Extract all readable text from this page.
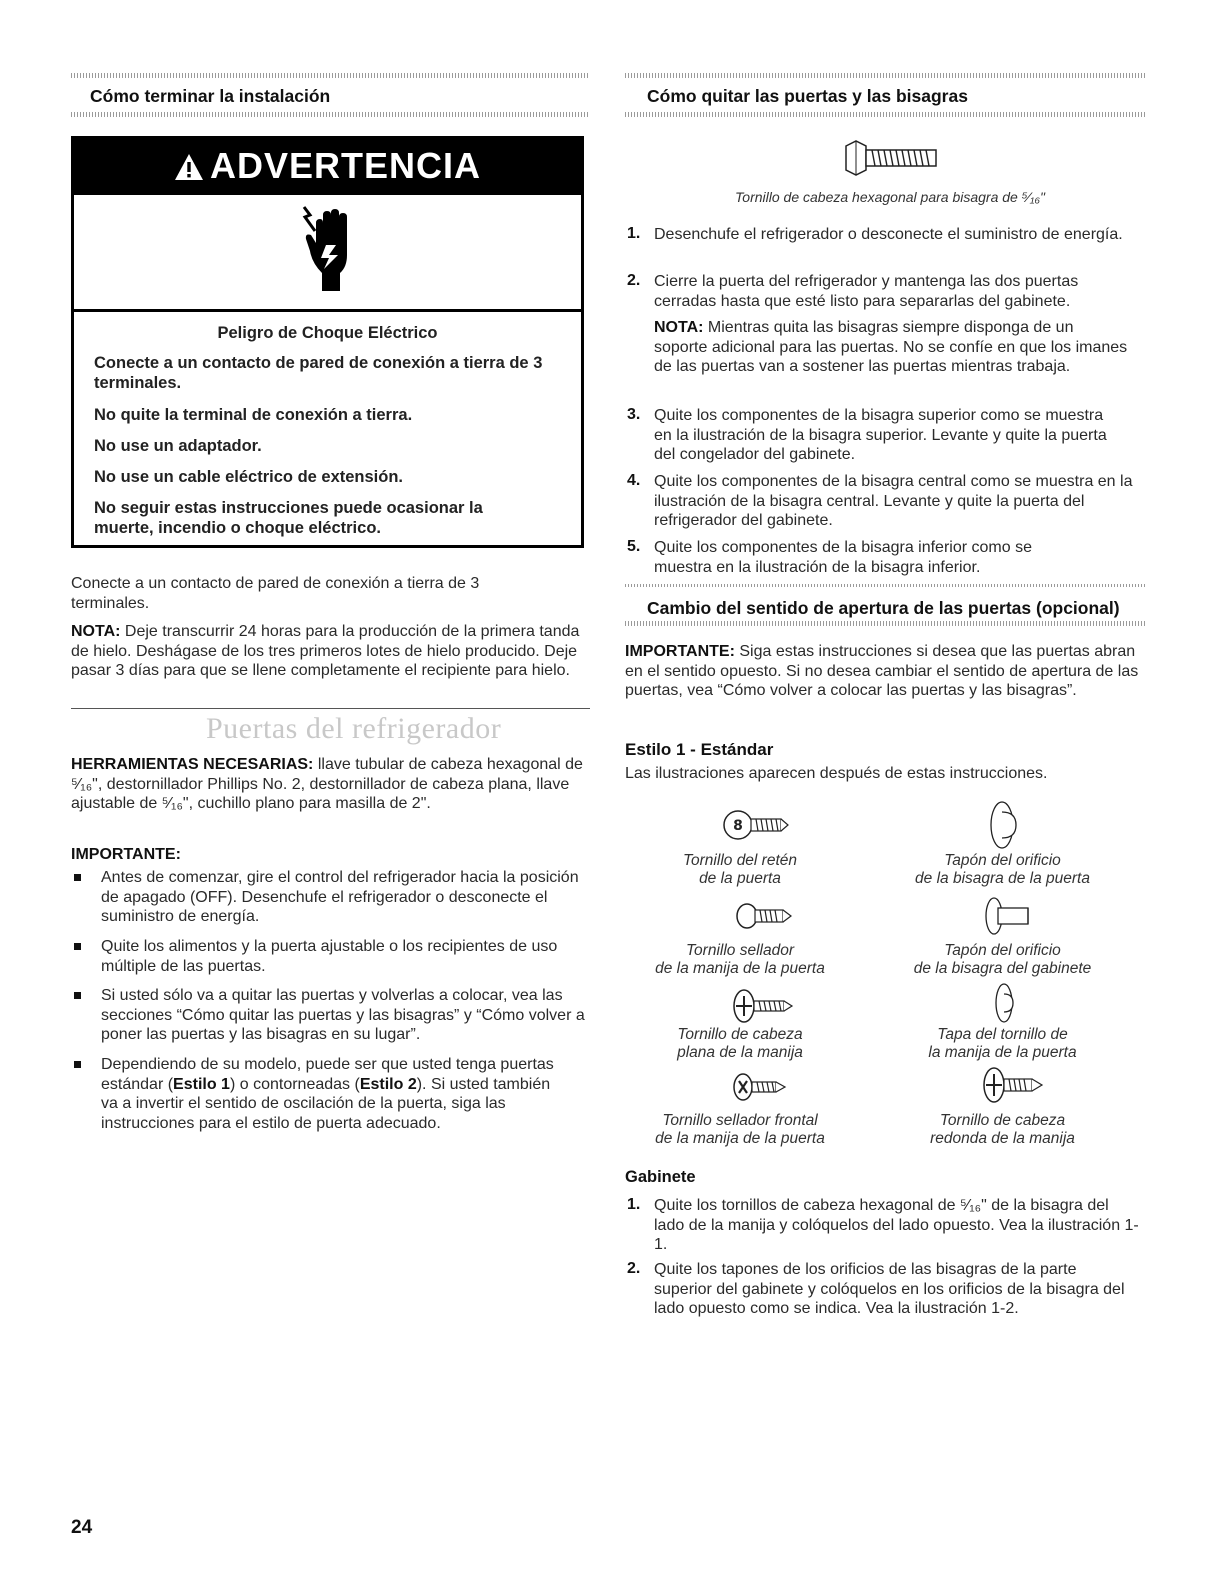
Cómo terminar la instalación
ADVERTENCIA

Peligro de Choque Eléctrico

Conecte a un contacto de pared de conexión a tierra de 3 terminales.

No quite la terminal de conexión a tierra.

No use un adaptador.

No use un cable eléctrico de extensión.

No seguir estas instrucciones puede ocasionar la muerte, incendio o choque eléctrico.

Conecte a un contacto de pared de conexión a tierra de 3 terminales.

NOTA: Deje transcurrir 24 horas para la producción de la primera tanda de hielo. Deshágase de los tres primeros lotes de hielo producido. Deje pasar 3 días para que se llene completamente el recipiente para hielo.

Puertas del refrigerador

HERRAMIENTAS NECESARIAS: llave tubular de cabeza hexagonal de ⁵⁄₁₆", destornillador Phillips No. 2, destornillador de cabeza plana, llave ajustable de ⁵⁄₁₆", cuchillo plano para masilla de 2".

IMPORTANTE:

Antes de comenzar, gire el control del refrigerador hacia la posición de apagado (OFF). Desenchufe el refrigerador o desconecte el suministro de energía.

Quite los alimentos y la puerta ajustable o los recipientes de uso múltiple de las puertas.

Si usted sólo va a quitar las puertas y volverlas a colocar, vea las secciones “Cómo quitar las puertas y las bisagras” y “Cómo volver a poner las puertas y las bisagras en su lugar”.

Dependiendo de su modelo, puede ser que usted tenga puertas estándar (Estilo 1) o contorneadas (Estilo 2). Si usted también va a invertir el sentido de oscilación de la puerta, siga las instrucciones para el estilo de puerta adecuado.

Cómo quitar las puertas y las bisagras
Tornillo de cabeza hexagonal para bisagra de ⁵⁄₁₆"
1. Desenchufe el refrigerador o desconecte el suministro de energía.

2. Cierre la puerta del refrigerador y mantenga las dos puertas cerradas hasta que esté listo para separarlas del gabinete.

NOTA: Mientras quita las bisagras siempre disponga de un soporte adicional para las puertas. No se confíe en que los imanes de las puertas van a sostener las puertas mientras trabaja.

3. Quite los componentes de la bisagra superior como se muestra en la ilustración de la bisagra superior. Levante y quite la puerta del congelador del gabinete.

4. Quite los componentes de la bisagra central como se muestra en la ilustración de la bisagra central. Levante y quite la puerta del refrigerador del gabinete.

5. Quite los componentes de la bisagra inferior como se muestra en la ilustración de la bisagra inferior.

Cambio del sentido de apertura de las puertas (opcional)

IMPORTANTE: Siga estas instrucciones si desea que las puertas abran en el sentido opuesto. Si no desea cambiar el sentido de apertura de las puertas, vea “Cómo volver a colocar las puertas y las bisagras”.

Estilo 1 - Estándar

Las ilustraciones aparecen después de estas instrucciones.

8
Tornillo del retén
de la puerta
Tapón del orificio
de la bisagra de la puerta
Tornillo sellador
de la manija de la puerta
Tapón del orificio
de la bisagra del gabinete
Tornillo de cabeza
plana de la manija
Tapa del tornillo de
la manija de la puerta
Tornillo sellador frontal
de la manija de la puerta
Tornillo de cabeza
redonda de la manija

Gabinete

1. Quite los tornillos de cabeza hexagonal de ⁵⁄₁₆" de la bisagra del lado de la manija y colóquelos del lado opuesto. Vea la ilustración 1-1.

2. Quite los tapones de los orificios de las bisagras de la parte superior del gabinete y colóquelos en los orificios de la bisagra del lado opuesto como se indica. Vea la ilustración 1-2.

24
